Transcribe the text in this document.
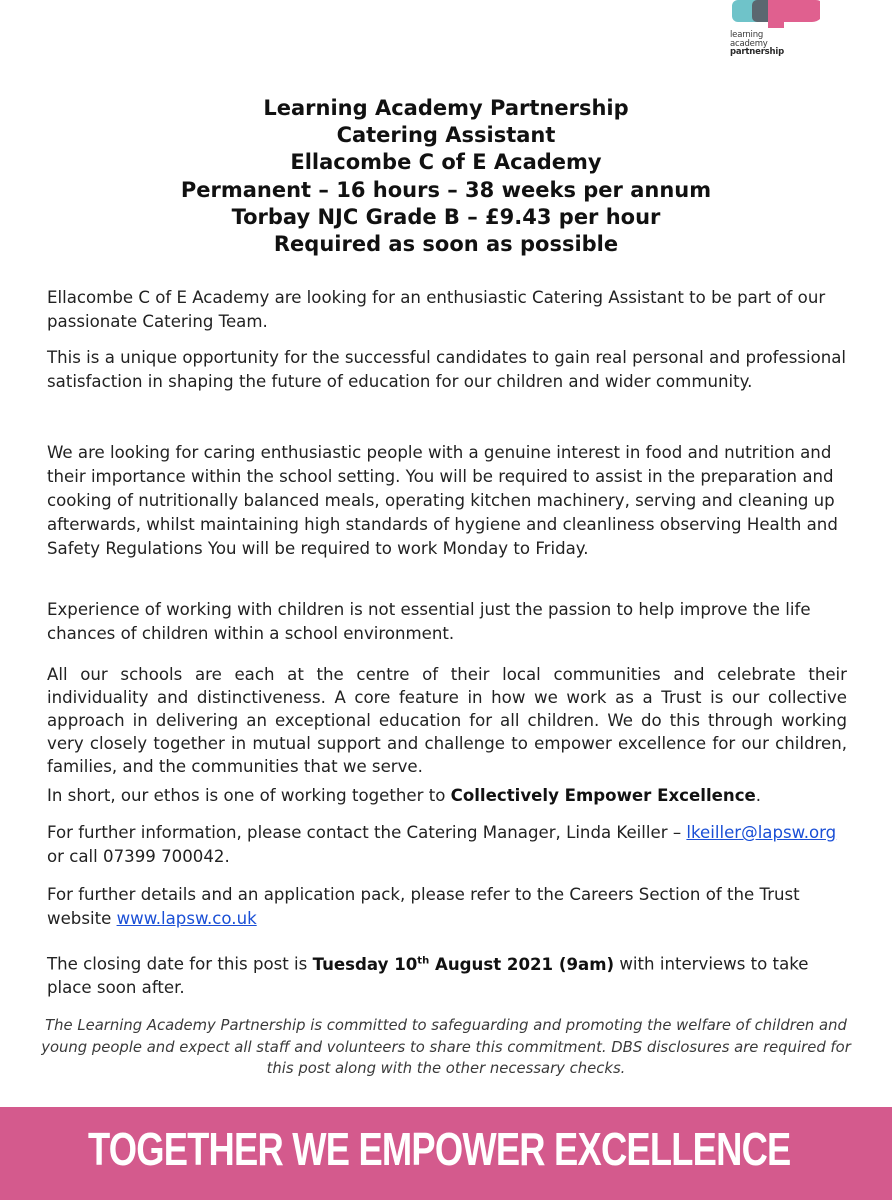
learning
academy
partnership
Learning Academy Partnership
Catering Assistant
Ellacombe C of E Academy
Permanent – 16 hours – 38 weeks per annum
Torbay NJC Grade B – £9.43 per hour
Required as soon as possible

Ellacombe C of E Academy are looking for an enthusiastic Catering Assistant to be part of our passionate Catering Team.

This is a unique opportunity for the successful candidates to gain real personal and professional satisfaction in shaping the future of education for our children and wider community.

We are looking for caring enthusiastic people with a genuine interest in food and nutrition and their importance within the school setting. You will be required to assist in the preparation and cooking of nutritionally balanced meals, operating kitchen machinery, serving and cleaning up afterwards, whilst maintaining high standards of hygiene and cleanliness observing Health and Safety Regulations You will be required to work Monday to Friday.

Experience of working with children is not essential just the passion to help improve the life chances of children within a school environment.

All our schools are each at the centre of their local communities and celebrate their individuality and distinctiveness. A core feature in how we work as a Trust is our collective approach in delivering an exceptional education for all children. We do this through working very closely together in mutual support and challenge to empower excellence for our children, families, and the communities that we serve.

In short, our ethos is one of working together to Collectively Empower Excellence.

For further information, please contact the Catering Manager, Linda Keiller – lkeiller@lapsw.org or call 07399 700042.

For further details and an application pack, please refer to the Careers Section of the Trust website www.lapsw.co.uk

The closing date for this post is Tuesday 10th August 2021 (9am) with interviews to take place soon after.

The Learning Academy Partnership is committed to safeguarding and promoting the welfare of children and young people and expect all staff and volunteers to share this commitment. DBS disclosures are required for this post along with the other necessary checks.
TOGETHER WE EMPOWER EXCELLENCE
